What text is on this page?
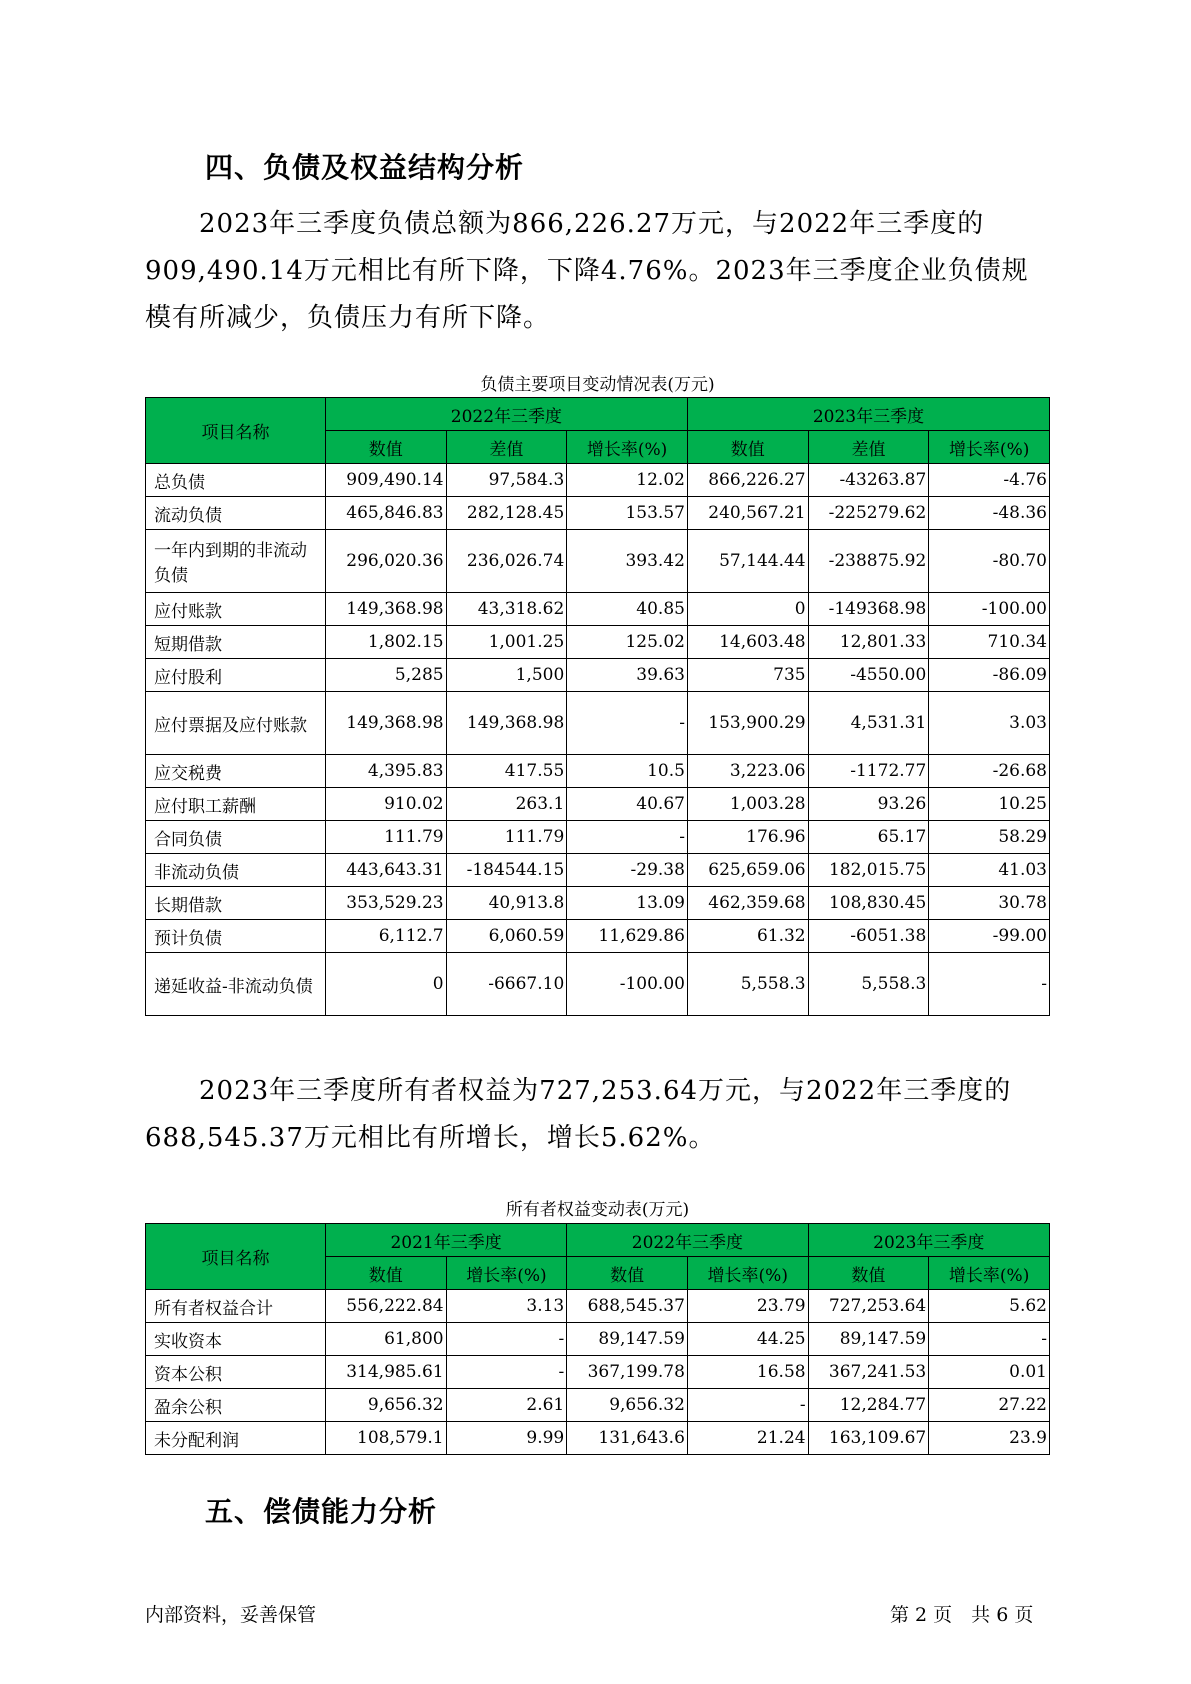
四、负债及权益结构分析
2023年三季度负债总额为866,226.27万元，与2022年三季度的909,490.14万元相比有所下降，下降4.76%。2023年三季度企业负债规模有所减少，负债压力有所下降。
负债主要项目变动情况表(万元)
项目名称	2022年三季度			2023年三季度		
	数值	差值	增长率(%)	数值	差值	增长率(%)
总负债	909,490.14	97,584.3	12.02	866,226.27	-43263.87	-4.76
流动负债	465,846.83	282,128.45	153.57	240,567.21	-225279.62	-48.36
一年内到期的非流动负债	296,020.36	236,026.74	393.42	57,144.44	-238875.92	-80.70
应付账款	149,368.98	43,318.62	40.85	0	-149368.98	-100.00
短期借款	1,802.15	1,001.25	125.02	14,603.48	12,801.33	710.34
应付股利	5,285	1,500	39.63	735	-4550.00	-86.09
应付票据及应付账款	149,368.98	149,368.98	-	153,900.29	4,531.31	3.03
应交税费	4,395.83	417.55	10.5	3,223.06	-1172.77	-26.68
应付职工薪酬	910.02	263.1	40.67	1,003.28	93.26	10.25
合同负债	111.79	111.79	-	176.96	65.17	58.29
非流动负债	443,643.31	-184544.15	-29.38	625,659.06	182,015.75	41.03
长期借款	353,529.23	40,913.8	13.09	462,359.68	108,830.45	30.78
预计负债	6,112.7	6,060.59	11,629.86	61.32	-6051.38	-99.00
递延收益-非流动负债	0	-6667.10	-100.00	5,558.3	5,558.3	-
2023年三季度所有者权益为727,253.64万元，与2022年三季度的688,545.37万元相比有所增长，增长5.62%。
所有者权益变动表(万元)
项目名称	2021年三季度		2022年三季度		2023年三季度	
	数值	增长率(%)	数值	增长率(%)	数值	增长率(%)
所有者权益合计	556,222.84	3.13	688,545.37	23.79	727,253.64	5.62
实收资本	61,800	-	89,147.59	44.25	89,147.59	-
资本公积	314,985.61	-	367,199.78	16.58	367,241.53	0.01
盈余公积	9,656.32	2.61	9,656.32	-	12,284.77	27.22
未分配利润	108,579.1	9.99	131,643.6	21.24	163,109.67	23.9
五、偿债能力分析
内部资料，妥善保管	第 2 页　共 6 页
